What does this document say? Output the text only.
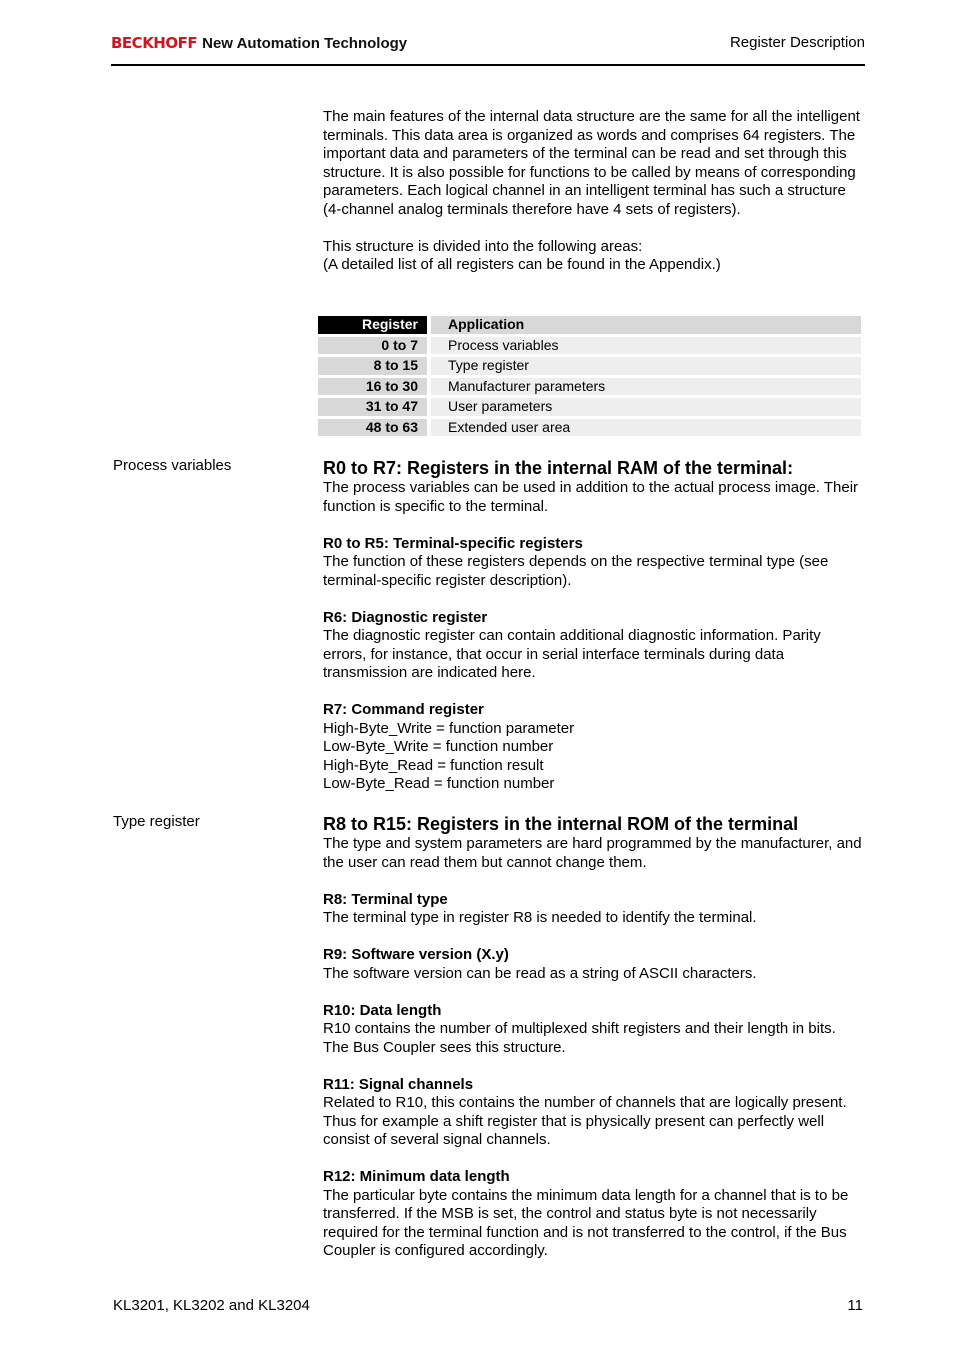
BECKHOFF New Automation Technology	Register Description

The main features of the internal data structure are the same for all the intelligent terminals. This data area is organized as words and comprises 64 registers. The important data and parameters of the terminal can be read and set through this structure. It is also possible for functions to be called by means of corresponding parameters. Each logical channel in an intelligent terminal has such a structure (4-channel analog terminals therefore have 4 sets of registers).

This structure is divided into the following areas:

(A detailed list of all registers can be found in the Appendix.)

Register		Application
0 to 7		Process variables
8 to 15		Type register
16 to 30		Manufacturer parameters
31 to 47		User parameters
48 to 63		Extended user area
Process variables	R0 to R7: Registers in the internal RAM of the terminal:

The process variables can be used in addition to the actual process image. Their function is specific to the terminal.

R0 to R5: Terminal-specific registers

The function of these registers depends on the respective terminal type (see terminal-specific register description).

R6: Diagnostic register

The diagnostic register can contain additional diagnostic information. Parity errors, for instance, that occur in serial interface terminals during data transmission are indicated here.

R7: Command register

High-Byte_Write = function parameter

Low-Byte_Write = function number

High-Byte_Read = function result

Low-Byte_Read = function number

Type register	R8 to R15: Registers in the internal ROM of the terminal

The type and system parameters are hard programmed by the manufacturer, and the user can read them but cannot change them.

R8: Terminal type

The terminal type in register R8 is needed to identify the terminal.

R9: Software version (X.y)

The software version can be read as a string of ASCII characters.

R10: Data length

R10 contains the number of multiplexed shift registers and their length in bits. The Bus Coupler sees this structure.

R11: Signal channels

Related to R10, this contains the number of channels that are logically present. Thus for example a shift register that is physically present can perfectly well consist of several signal channels.

R12: Minimum data length

The particular byte contains the minimum data length for a channel that is to be transferred. If the MSB is set, the control and status byte is not necessarily required for the terminal function and is not transferred to the control, if the Bus Coupler is configured accordingly.

KL3201, KL3202 and KL3204	11
